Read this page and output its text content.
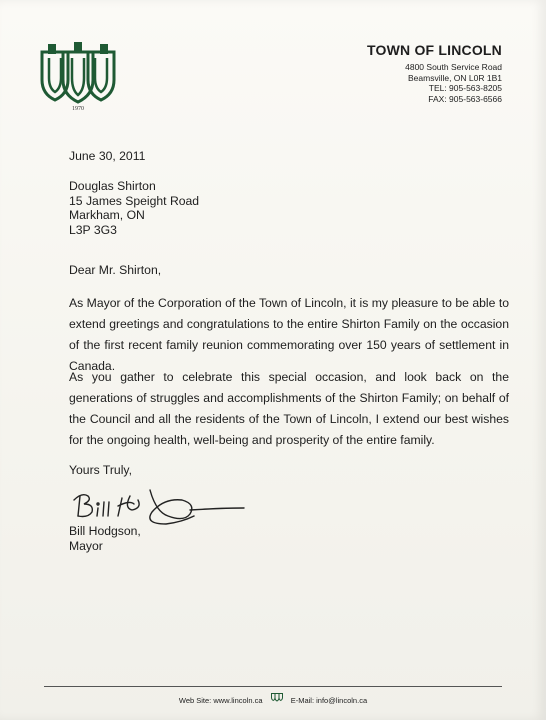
1970
TOWN OF LINCOLN
4800 South Service Road
Beamsville, ON L0R 1B1
TEL: 905-563-8205
FAX: 905-563-6566
June 30, 2011
Douglas Shirton
15 James Speight Road
Markham, ON
L3P 3G3
Dear Mr. Shirton,
As Mayor of the Corporation of the Town of Lincoln, it is my pleasure to be able to extend greetings and congratulations to the entire Shirton Family on the occasion of the first recent family reunion commemorating over 150 years of settlement in Canada.
As you gather to celebrate this special occasion, and look back on the generations of struggles and accomplishments of the Shirton Family; on behalf of the Council and all the residents of the Town of Lincoln, I extend our best wishes for the ongoing health, well-being and prosperity of the entire family.
Yours Truly,
Bill Hodgson,
Mayor
Web Site: www.lincoln.ca	E-Mail: info@lincoln.ca
